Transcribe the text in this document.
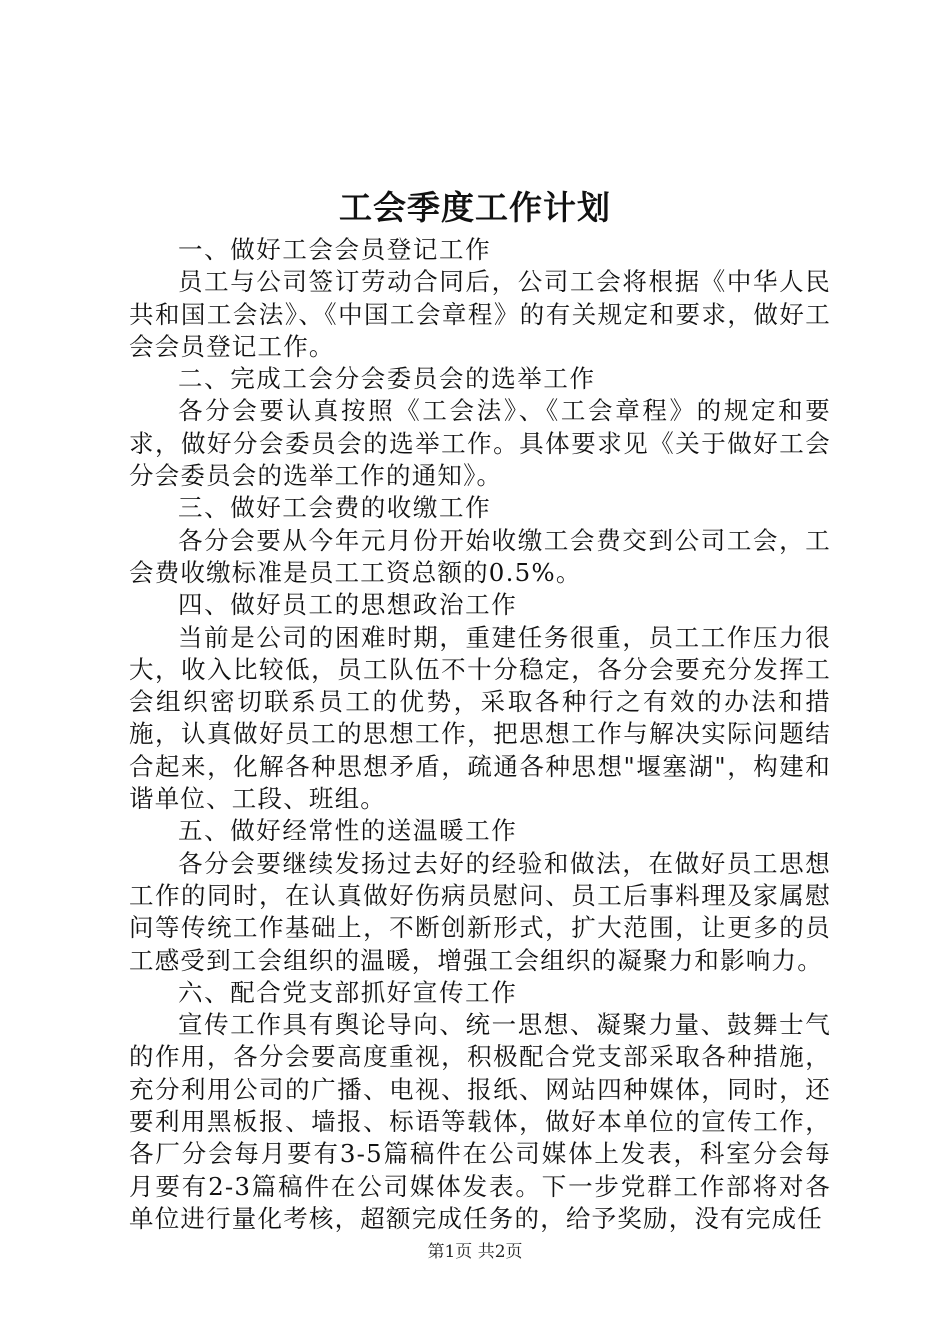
工会季度工作计划

一、做好工会会员登记工作

员工与公司签订劳动合同后，公司工会将根据《中华人民共和国工会法》、《中国工会章程》的有关规定和要求，做好工会会员登记工作。

二、完成工会分会委员会的选举工作

各分会要认真按照《工会法》、《工会章程》的规定和要求，做好分会委员会的选举工作。具体要求见《关于做好工会分会委员会的选举工作的通知》。

三、做好工会费的收缴工作

各分会要从今年元月份开始收缴工会费交到公司工会，工会费收缴标准是员工工资总额的0.5%。

四、做好员工的思想政治工作

当前是公司的困难时期，重建任务很重，员工工作压力很大，收入比较低，员工队伍不十分稳定，各分会要充分发挥工会组织密切联系员工的优势，采取各种行之有效的办法和措施，认真做好员工的思想工作，把思想工作与解决实际问题结合起来，化解各种思想矛盾，疏通各种思想"堰塞湖"，构建和谐单位、工段、班组。

五、做好经常性的送温暖工作

各分会要继续发扬过去好的经验和做法，在做好员工思想工作的同时，在认真做好伤病员慰问、员工后事料理及家属慰问等传统工作基础上，不断创新形式，扩大范围，让更多的员工感受到工会组织的温暖，增强工会组织的凝聚力和影响力。

六、配合党支部抓好宣传工作

宣传工作具有舆论导向、统一思想、凝聚力量、鼓舞士气的作用，各分会要高度重视，积极配合党支部采取各种措施，充分利用公司的广播、电视、报纸、网站四种媒体，同时，还要利用黑板报、墙报、标语等载体，做好本单位的宣传工作，各厂分会每月要有3-5篇稿件在公司媒体上发表，科室分会每月要有2-3篇稿件在公司媒体发表。下一步党群工作部将对各单位进行量化考核，超额完成任务的，给予奖励，没有完成任

第1页 共2页
